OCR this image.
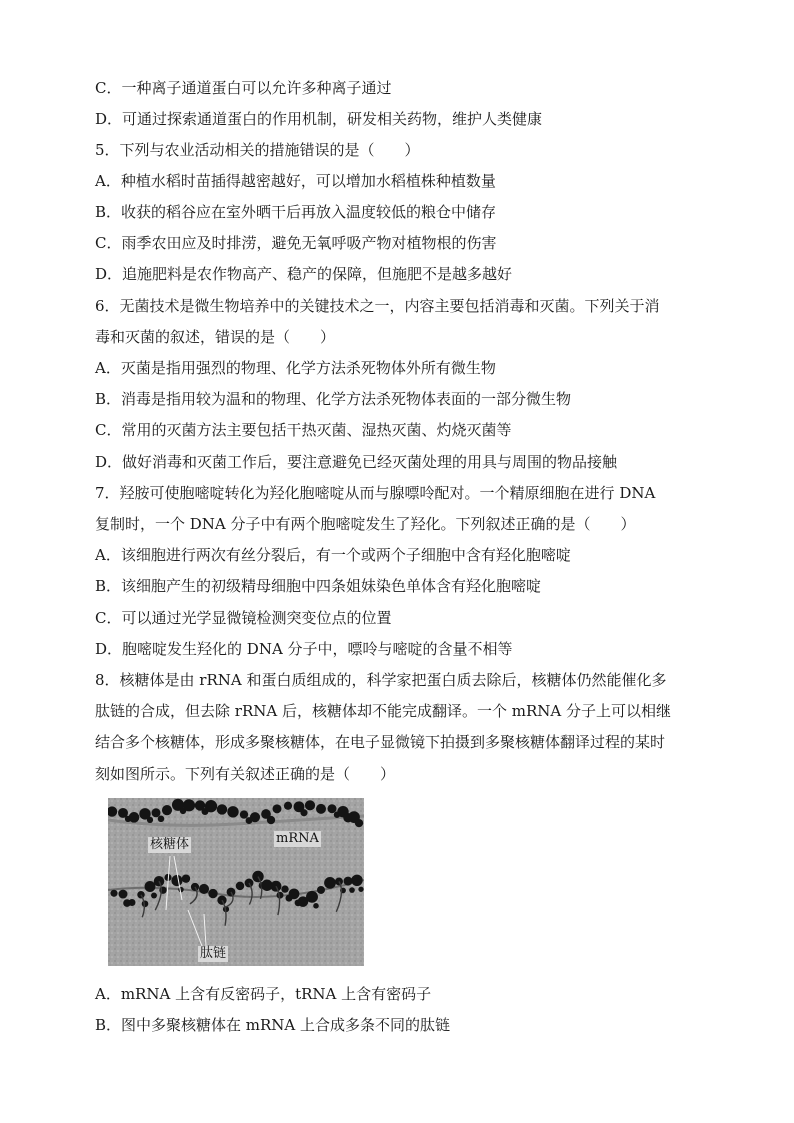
C．一种离子通道蛋白可以允许多种离子通过
D．可通过探索通道蛋白的作用机制，研发相关药物，维护人类健康
5．下列与农业活动相关的措施错误的是（　　）
A．种植水稻时苗插得越密越好，可以增加水稻植株种植数量
B．收获的稻谷应在室外晒干后再放入温度较低的粮仓中储存
C．雨季农田应及时排涝，避免无氧呼吸产物对植物根的伤害
D．追施肥料是农作物高产、稳产的保障，但施肥不是越多越好
6．无菌技术是微生物培养中的关键技术之一，内容主要包括消毒和灭菌。下列关于消
毒和灭菌的叙述，错误的是（　　）
A．灭菌是指用强烈的物理、化学方法杀死物体外所有微生物
B．消毒是指用较为温和的物理、化学方法杀死物体表面的一部分微生物
C．常用的灭菌方法主要包括干热灭菌、湿热灭菌、灼烧灭菌等
D．做好消毒和灭菌工作后，要注意避免已经灭菌处理的用具与周围的物品接触
7．羟胺可使胞嘧啶转化为羟化胞嘧啶从而与腺嘌呤配对。一个精原细胞在进行 DNA
复制时，一个 DNA 分子中有两个胞嘧啶发生了羟化。下列叙述正确的是（　　）
A．该细胞进行两次有丝分裂后，有一个或两个子细胞中含有羟化胞嘧啶
B．该细胞产生的初级精母细胞中四条姐妹染色单体含有羟化胞嘧啶
C．可以通过光学显微镜检测突变位点的位置
D．胞嘧啶发生羟化的 DNA 分子中，嘌呤与嘧啶的含量不相等
8．核糖体是由 rRNA 和蛋白质组成的，科学家把蛋白质去除后，核糖体仍然能催化多
肽链的合成，但去除 rRNA 后，核糖体却不能完成翻译。一个 mRNA 分子上可以相继
结合多个核糖体，形成多聚核糖体，在电子显微镜下拍摄到多聚核糖体翻译过程的某时
刻如图所示。下列有关叙述正确的是（　　）
核糖体	mRNA
肽链
A．mRNA 上含有反密码子，tRNA 上含有密码子
B．图中多聚核糖体在 mRNA 上合成多条不同的肽链
